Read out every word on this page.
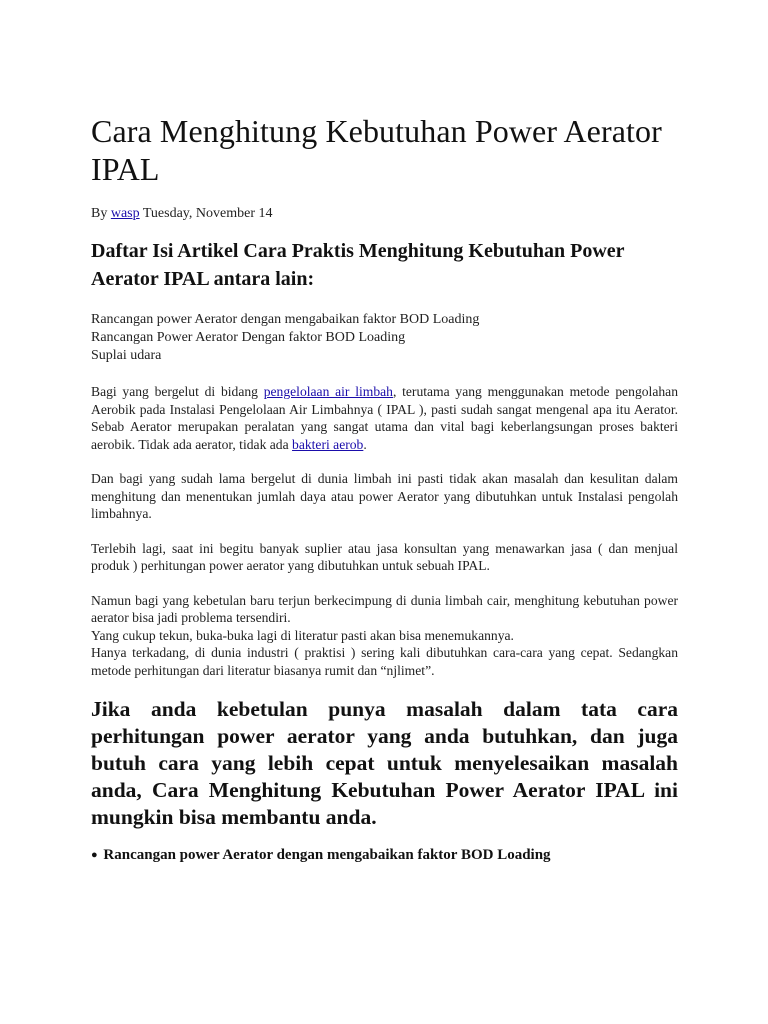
Cara Menghitung Kebutuhan Power Aerator IPAL
By wasp Tuesday, November 14
Daftar Isi Artikel Cara Praktis Menghitung Kebutuhan Power Aerator IPAL antara lain:
Rancangan power Aerator dengan mengabaikan faktor BOD Loading
Rancangan Power Aerator Dengan faktor BOD Loading
Suplai udara

Bagi yang bergelut di bidang pengelolaan air limbah, terutama yang menggunakan metode pengolahan Aerobik pada Instalasi Pengelolaan Air Limbahnya ( IPAL ), pasti sudah sangat mengenal apa itu Aerator. Sebab Aerator merupakan peralatan yang sangat utama dan vital bagi keberlangsungan proses bakteri aerobik. Tidak ada aerator, tidak ada bakteri aerob.

Dan bagi yang sudah lama bergelut di dunia limbah ini pasti tidak akan masalah dan kesulitan dalam menghitung dan menentukan jumlah daya atau power Aerator yang dibutuhkan untuk Instalasi pengolah limbahnya.

Terlebih lagi, saat ini begitu banyak suplier atau jasa konsultan yang menawarkan jasa ( dan menjual produk ) perhitungan power aerator yang dibutuhkan untuk sebuah IPAL.

Namun bagi yang kebetulan baru terjun berkecimpung di dunia limbah cair, menghitung kebutuhan power aerator bisa jadi problema tersendiri.

Yang cukup tekun, buka-buka lagi di literatur pasti akan bisa menemukannya.

Hanya terkadang, di dunia industri ( praktisi ) sering kali dibutuhkan cara-cara yang cepat. Sedangkan metode perhitungan dari literatur biasanya rumit dan “njlimet”.

Jika anda kebetulan punya masalah dalam tata cara perhitungan power aerator yang anda butuhkan, dan juga butuh cara yang lebih cepat untuk menyelesaikan masalah anda, Cara Menghitung Kebutuhan Power Aerator IPAL ini mungkin bisa membantu anda.
● Rancangan power Aerator dengan mengabaikan faktor BOD Loading
